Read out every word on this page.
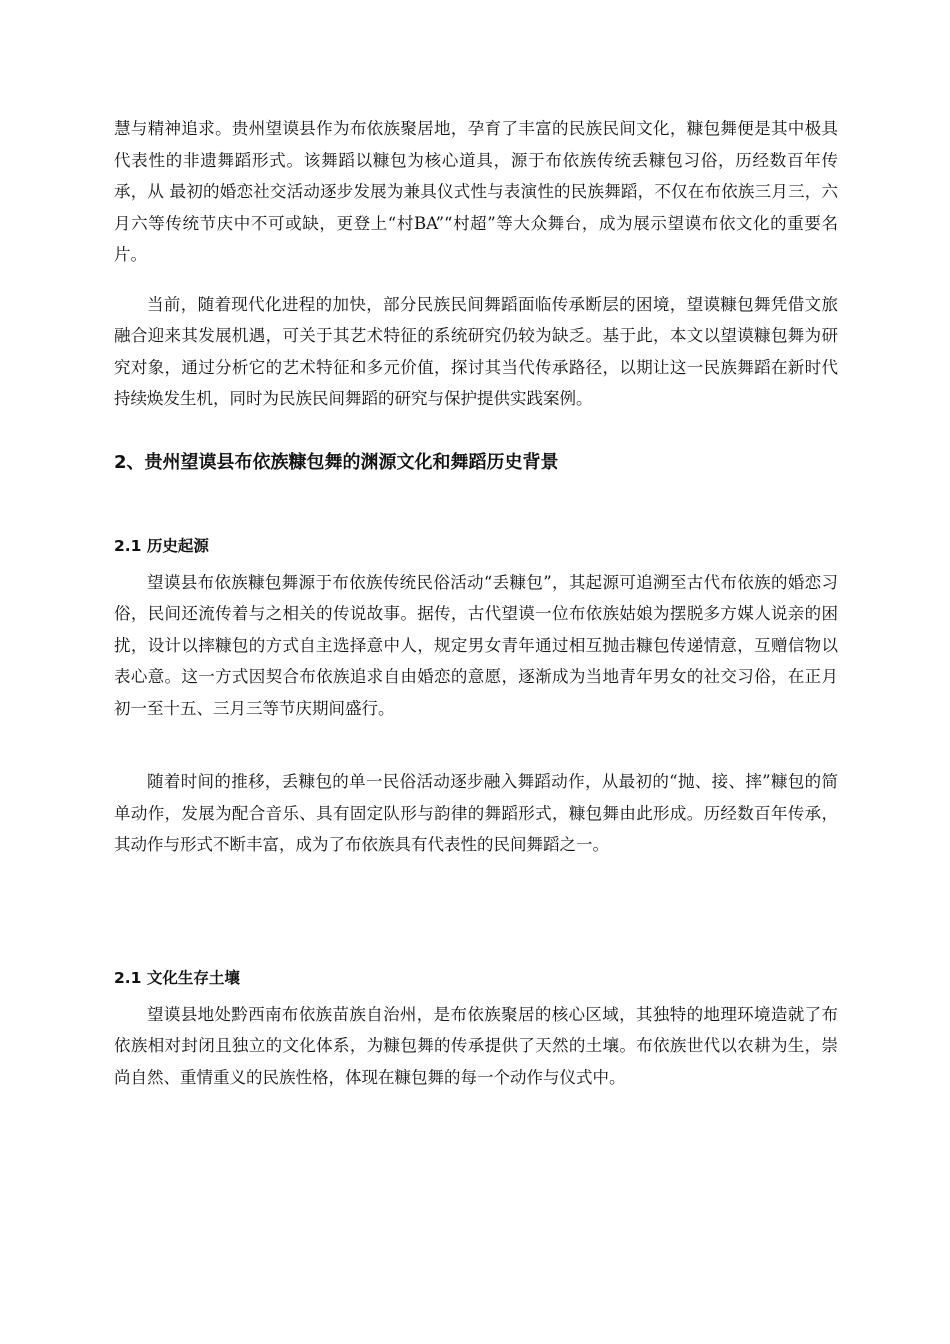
慧与精神追求。贵州望谟县作为布依族聚居地，孕育了丰富的民族民间文化，糠包舞便是其中极具代表性的非遗舞蹈形式。该舞蹈以糠包为核心道具，源于布依族传统丢糠包习俗，历经数百年传承，从 最初的婚恋社交活动逐步发展为兼具仪式性与表演性的民族舞蹈，不仅在布依族三月三，六月六等传统节庆中不可或缺，更登上“村BA”“村超”等大众舞台，成为展示望谟布依文化的重要名片。

当前，随着现代化进程的加快，部分民族民间舞蹈面临传承断层的困境，望谟糠包舞凭借文旅融合迎来其发展机遇，可关于其艺术特征的系统研究仍较为缺乏。基于此，本文以望谟糠包舞为研究对象，通过分析它的艺术特征和多元价值，探讨其当代传承路径，以期让这一民族舞蹈在新时代持续焕发生机，同时为民族民间舞蹈的研究与保护提供实践案例。

2、贵州望谟县布依族糠包舞的渊源文化和舞蹈历史背景
2.1 历史起源

望谟县布依族糠包舞源于布依族传统民俗活动“丢糠包”，其起源可追溯至古代布依族的婚恋习俗，民间还流传着与之相关的传说故事。据传，古代望谟一位布依族姑娘为摆脱多方媒人说亲的困扰，设计以摔糠包的方式自主选择意中人，规定男女青年通过相互抛击糠包传递情意，互赠信物以表心意。这一方式因契合布依族追求自由婚恋的意愿，逐渐成为当地青年男女的社交习俗，在正月初一至十五、三月三等节庆期间盛行。

随着时间的推移，丢糠包的单一民俗活动逐步融入舞蹈动作，从最初的“抛、接、摔”糠包的简单动作，发展为配合音乐、具有固定队形与韵律的舞蹈形式，糠包舞由此形成。历经数百年传承，其动作与形式不断丰富，成为了布依族具有代表性的民间舞蹈之一。

2.1 文化生存土壤

望谟县地处黔西南布依族苗族自治州，是布依族聚居的核心区域，其独特的地理环境造就了布依族相对封闭且独立的文化体系，为糠包舞的传承提供了天然的土壤。布依族世代以农耕为生，崇尚自然、重情重义的民族性格，体现在糠包舞的每一个动作与仪式中。
